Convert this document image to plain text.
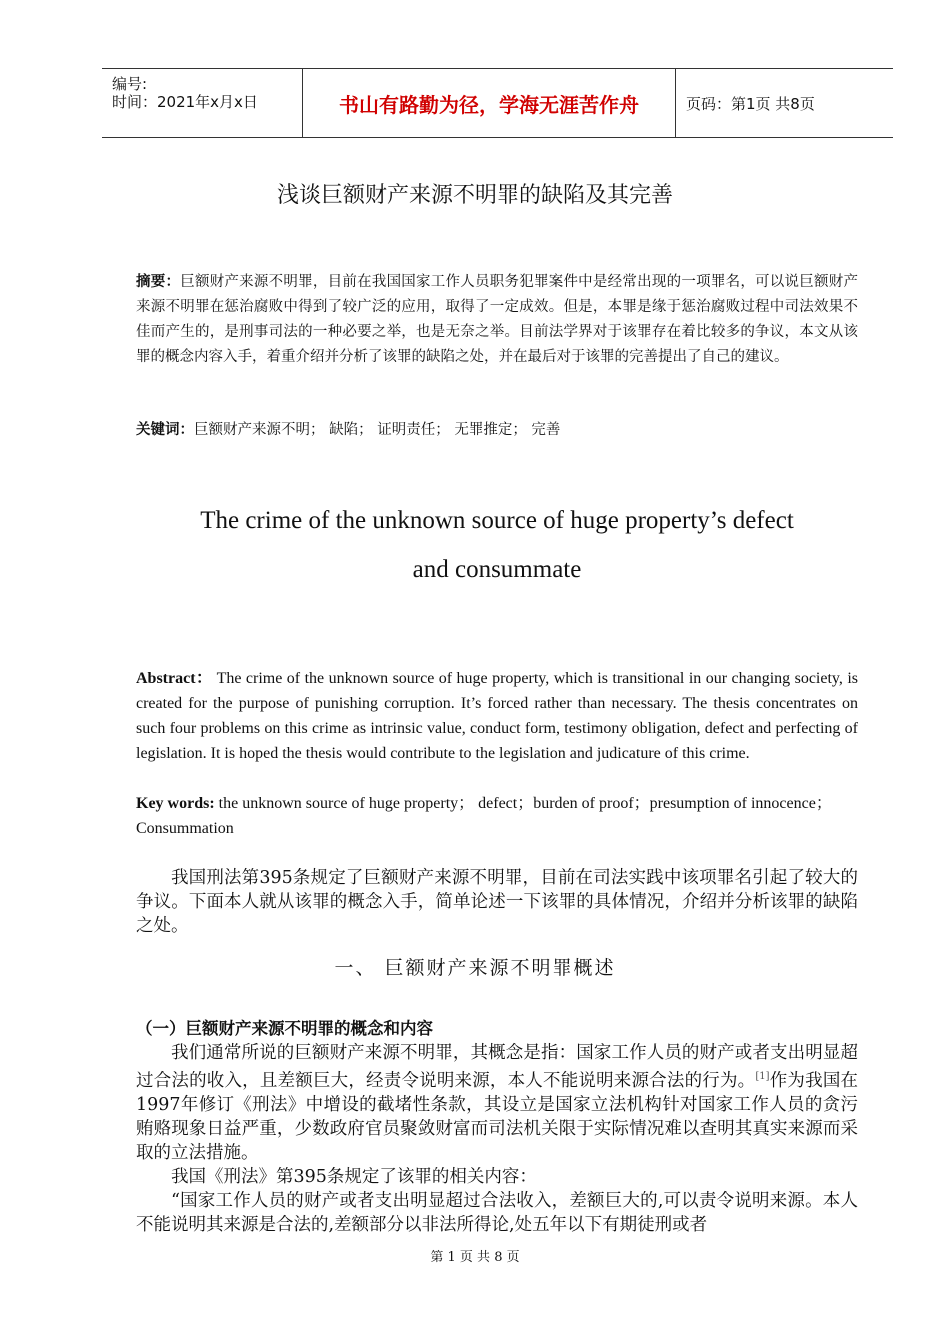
编号:
时间：2021年x月x日	书山有路勤为径，学海无涯苦作舟	页码：第1页 共8页
浅谈巨额财产来源不明罪的缺陷及其完善
摘要：巨额财产来源不明罪，目前在我国国家工作人员职务犯罪案件中是经常出现的一项罪名，可以说巨额财产来源不明罪在惩治腐败中得到了较广泛的应用，取得了一定成效。但是，本罪是缘于惩治腐败过程中司法效果不佳而产生的，是刑事司法的一种必要之举，也是无奈之举。目前法学界对于该罪存在着比较多的争议，本文从该罪的概念内容入手，着重介绍并分析了该罪的缺陷之处，并在最后对于该罪的完善提出了自己的建议。
关键词：巨额财产来源不明； 缺陷； 证明责任； 无罪推定； 完善
The crime of the unknown source of huge property’s defect
and consummate
Abstract： The crime of the unknown source of huge property, which is transitional in our changing society, is created for the purpose of punishing corruption. It’s forced rather than necessary. The thesis concentrates on such four problems on this crime as intrinsic value, conduct form, testimony obligation, defect and perfecting of legislation. It is hoped the thesis would contribute to the legislation and judicature of this crime.
Key words: the unknown source of huge property； defect；burden of proof；presumption of innocence；Consummation
我国刑法第395条规定了巨额财产来源不明罪，目前在司法实践中该项罪名引起了较大的争议。下面本人就从该罪的概念入手，简单论述一下该罪的具体情况，介绍并分析该罪的缺陷之处。
一、 巨额财产来源不明罪概述
（一）巨额财产来源不明罪的概念和内容
我们通常所说的巨额财产来源不明罪，其概念是指：国家工作人员的财产或者支出明显超过合法的收入，且差额巨大，经责令说明来源，本人不能说明来源合法的行为。[1]作为我国在1997年修订《刑法》中增设的截堵性条款，其设立是国家立法机构针对国家工作人员的贪污贿赂现象日益严重，少数政府官员聚敛财富而司法机关限于实际情况难以查明其真实来源而采取的立法措施。
我国《刑法》第395条规定了该罪的相关内容：
“国家工作人员的财产或者支出明显超过合法收入，差额巨大的,可以责令说明来源。本人不能说明其来源是合法的,差额部分以非法所得论,处五年以下有期徒刑或者
第 1 页 共 8 页
